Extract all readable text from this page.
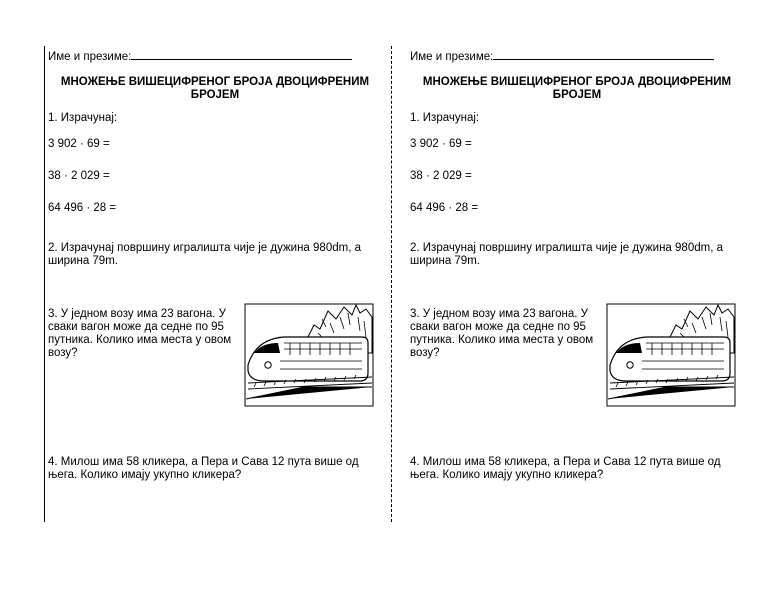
Име и презиме:
МНОЖЕЊЕ ВИШЕЦИФРЕНОГ БРОЈА ДВОЦИФРЕНИМ БРОЈЕМ
1. Израчунај:
3 902 · 69 =
38 · 2 029 =
64 496 · 28 =
2. Израчунај површину игралишта чије је дужина 980dm, а ширина 79m.
3. У једном возу има 23 вагона. У сваки вагон може да седне по 95 путника. Колико има места у овом возу?
4. Милош има 58 кликера, а Пера и Сава 12 пута више од њега. Колико имају укупно кликера?
Име и презиме:
МНОЖЕЊЕ ВИШЕЦИФРЕНОГ БРОЈА ДВОЦИФРЕНИМ БРОЈЕМ
1. Израчунај:
3 902 · 69 =
38 · 2 029 =
64 496 · 28 =
2. Израчунај површину игралишта чије је дужина 980dm, а ширина 79m.
3. У једном возу има 23 вагона. У сваки вагон може да седне по 95 путника. Колико има места у овом возу?
4. Милош има 58 кликера, а Пера и Сава 12 пута више од њега. Колико имају укупно кликера?
